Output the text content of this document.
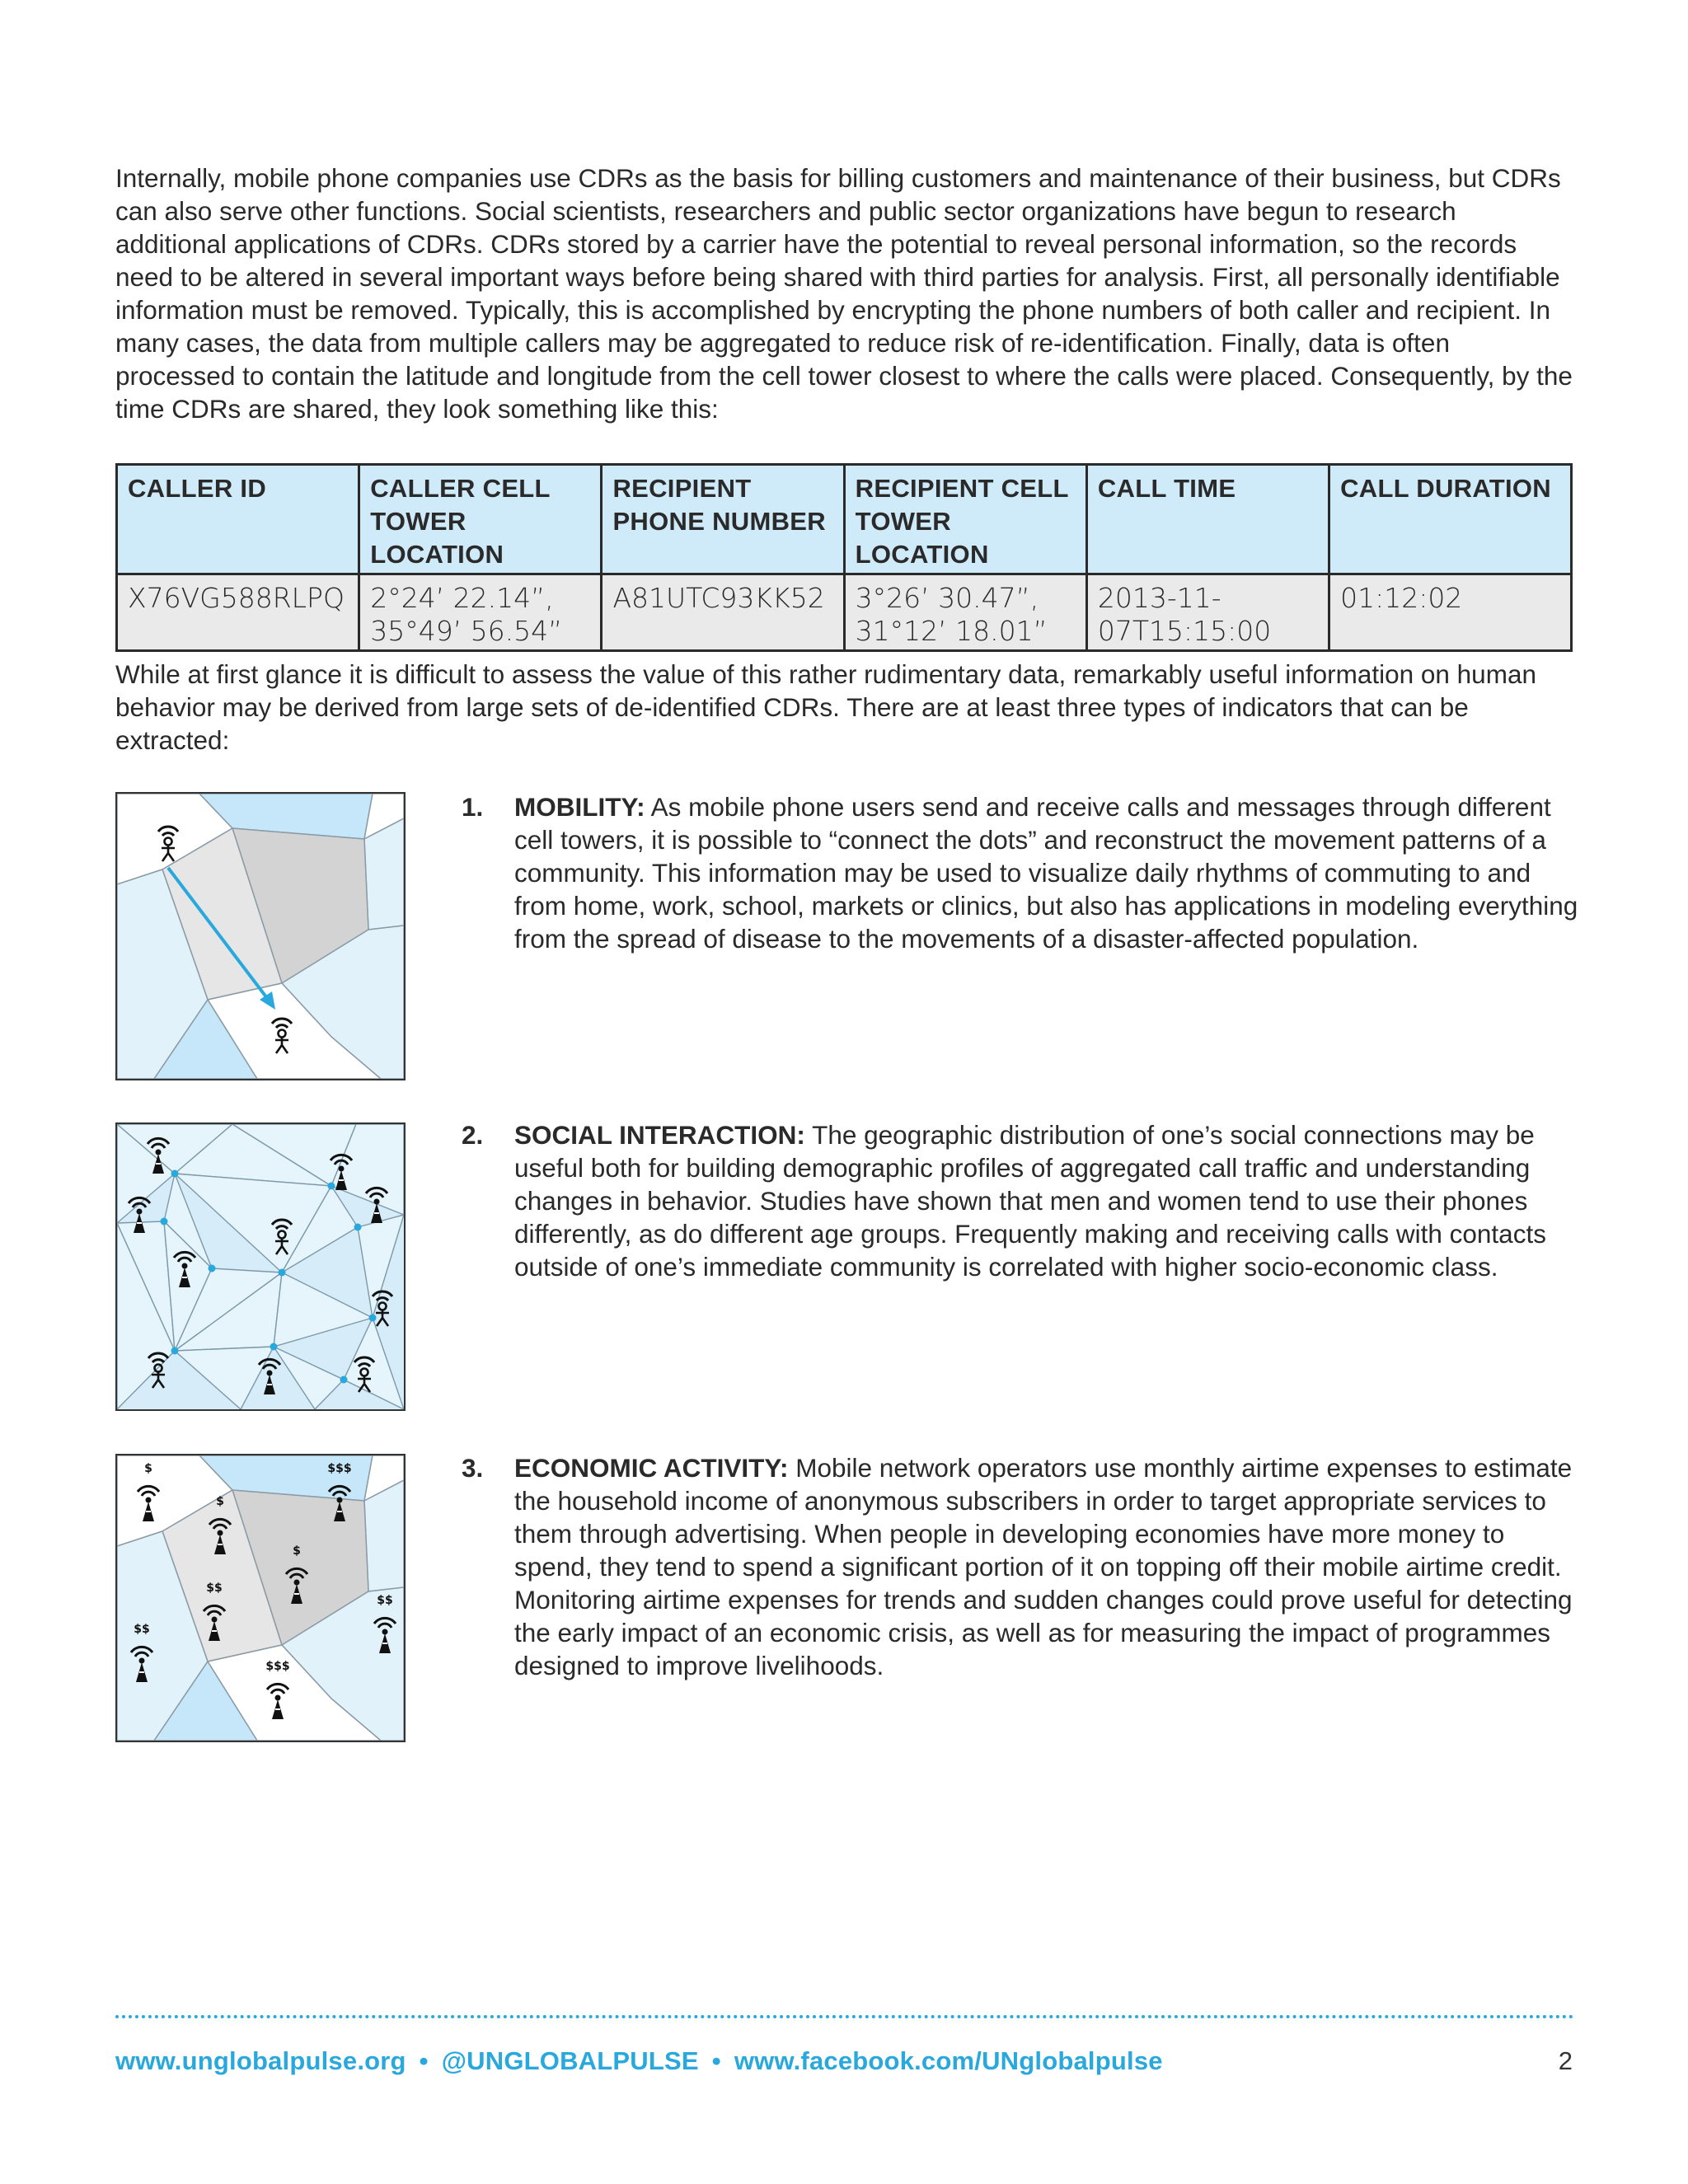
Internally, mobile phone companies use CDRs as the basis for billing customers and maintenance of their business, but CDRs can also serve other functions. Social scientists, researchers and public sector organizations have begun to research additional applications of CDRs. CDRs stored by a carrier have the potential to reveal personal information, so the records need to be altered in several important ways before being shared with third parties for analysis. First, all personally identifiable information must be removed. Typically, this is accomplished by encrypting the phone numbers of both caller and recipient. In many cases, the data from multiple callers may be aggregated to reduce risk of re-identification. Finally, data is often processed to contain the latitude and longitude from the cell tower closest to where the calls were placed. Consequently, by the time CDRs are shared, they look something like this:

CALLER ID	CALLER CELL TOWER LOCATION	RECIPIENT PHONE NUMBER	RECIPIENT CELL TOWER LOCATION	CALL TIME	CALL DURATION
X76VG588RLPQ	2°24’ 22.14”, 35°49’ 56.54”	A81UTC93KK52	3°26’ 30.47”, 31°12’ 18.01”	2013-11-07T15:15:00	01:12:02

While at first glance it is difficult to assess the value of this rather rudimentary data, remarkably useful information on human behavior may be derived from large sets of de-identified CDRs. There are at least three types of indicators that can be extracted:

$	$$$
$
$
$$
$$
$$
$$$
1. MOBILITY: As mobile phone users send and receive calls and messages through different cell towers, it is possible to “connect the dots” and reconstruct the movement patterns of a community. This information may be used to visualize daily rhythms of commuting to and from home, work, school, markets or clinics, but also has applications in modeling everything from the spread of disease to the movements of a disaster-affected population.
2. SOCIAL INTERACTION: The geographic distribution of one’s social connections may be useful both for building demographic profiles of aggregated call traffic and understanding changes in behavior. Studies have shown that men and women tend to use their phones differently, as do different age groups. Frequently making and receiving calls with contacts outside of one’s immediate community is correlated with higher socio-economic class.
3. ECONOMIC ACTIVITY: Mobile network operators use monthly airtime expenses to estimate the household income of anonymous subscribers in order to target appropriate services to them through advertising. When people in developing economies have more money to spend, they tend to spend a significant portion of it on topping off their mobile airtime credit. Monitoring airtime expenses for trends and sudden changes could prove useful for detecting the early impact of an economic crisis, as well as for measuring the impact of programmes designed to improve livelihoods.
www.unglobalpulse.org • @UNGLOBALPULSE • www.facebook.com/UNglobalpulse	2
